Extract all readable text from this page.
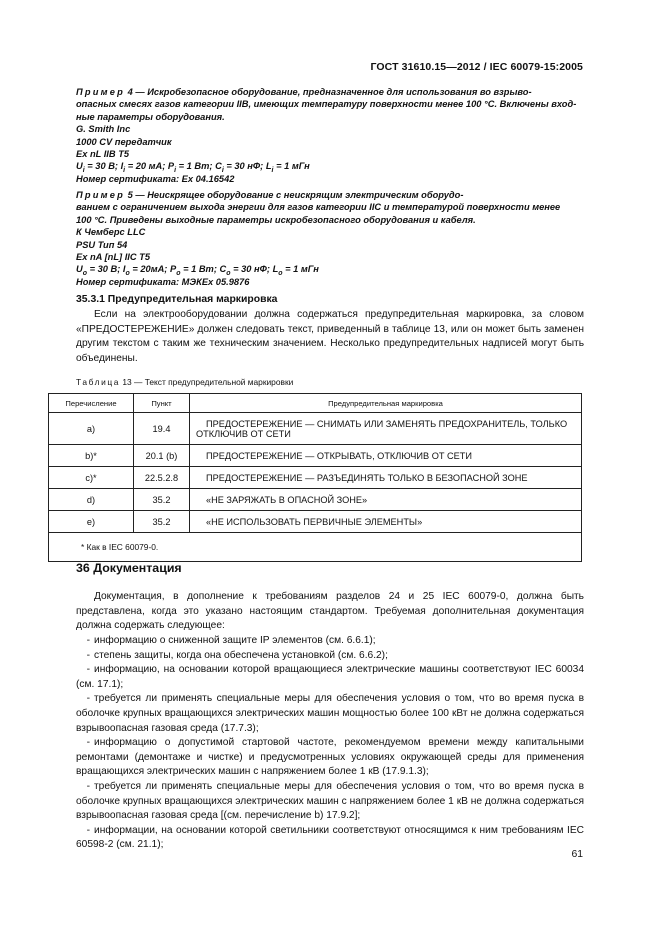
ГОСТ 31610.15—2012 / IEC 60079-15:2005

Пример 4 — Искробезопасное оборудование, предназначенное для использования во взрыво-
опасных смесях газов категории IIB, имеющих температуру поверхности менее 100 °С. Включены вход-
ные параметры оборудования.

G. Smith Inc
1000 CV передатчик
Ex nL IIB T5
$U_i = 30$ В; $I_i = 20$ мА; $P_i = 1$ Вт; $C_i = 30$ нФ; $L_i = 1$ мГн
Номер сертификата: Ex 04.16542

Пример 5 — Неискрящее оборудование с неискрящим электрическим оборудо-
ванием с ограничением выхода энергии для газов категории IIC и температурой поверхности менее
100 °С. Приведены выходные параметры искробезопасного оборудования и кабеля.

К Чемберс LLC
PSU Тип 54
Ex nA [nL] IIC T5
$U_o = 30$ В; $I_o = 20мА$; $P_o = 1$ Вт; $C_o = 30$ нФ; $L_o = 1$ мГн
Номер сертификата: МЭКЕх 05.9876
35.3.1 Предупредительная маркировка

Если на электрооборудовании должна содержаться предупредительная маркировка, за словом «ПРЕДОСТЕРЕЖЕНИЕ» должен следовать текст, приведенный в таблице 13, или он может быть заменен другим текстом с таким же техническим значением. Несколько предупредительных надписей могут быть объединены.

Таблица 13 — Текст предупредительной маркировки
Перечисление	Пункт	Предупредительная маркировка
а)	19.4	ПРЕДОСТЕРЕЖЕНИЕ — СНИМАТЬ ИЛИ ЗАМЕНЯТЬ ПРЕДОХРАНИТЕЛЬ, ТОЛЬКО ОТКЛЮЧИВ ОТ СЕТИ
b)*	20.1 (b)	ПРЕДОСТЕРЕЖЕНИЕ — ОТКРЫВАТЬ, ОТКЛЮЧИВ ОТ СЕТИ
c)*	22.5.2.8	ПРЕДОСТЕРЕЖЕНИЕ — РАЗЪЕДИНЯТЬ ТОЛЬКО В БЕЗОПАСНОЙ ЗОНЕ
d)	35.2	«НЕ ЗАРЯЖАТЬ В ОПАСНОЙ ЗОНЕ»
e)	35.2	«НЕ ИСПОЛЬЗОВАТЬ ПЕРВИЧНЫЕ ЭЛЕМЕНТЫ»
* Как в IEC 60079-0.		
36 Документация

Документация, в дополнение к требованиям разделов 24 и 25 IEC 60079-0, должна быть представлена, когда это указано настоящим стандартом. Требуемая дополнительная документация должна содержать следующее:

- информацию о сниженной защите IP элементов (см. 6.6.1);

- степень защиты, когда она обеспечена установкой (см. 6.6.2);

- информацию, на основании которой вращающиеся электрические машины соответствуют IEC 60034 (см. 17.1);

- требуется ли применять специальные меры для обеспечения условия о том, что во время пуска в оболочке крупных вращающихся электрических машин мощностью более 100 кВт не должна содержаться взрывоопасная газовая среда (17.7.3);

- информацию о допустимой стартовой частоте, рекомендуемом времени между капитальными ремонтами (демонтаже и чистке) и предусмотренных условиях окружающей среды для применения вращающихся электрических машин с напряжением более 1 кВ (17.9.1.3);

- требуется ли применять специальные меры для обеспечения условия о том, что во время пуска в оболочке крупных вращающихся электрических машин с напряжением более 1 кВ не должна содержаться взрывоопасная газовая среда [(см. перечисление b) 17.9.2];

- информации, на основании которой светильники соответствуют относящимся к ним требованиям IEC 60598-2 (см. 21.1);

61
